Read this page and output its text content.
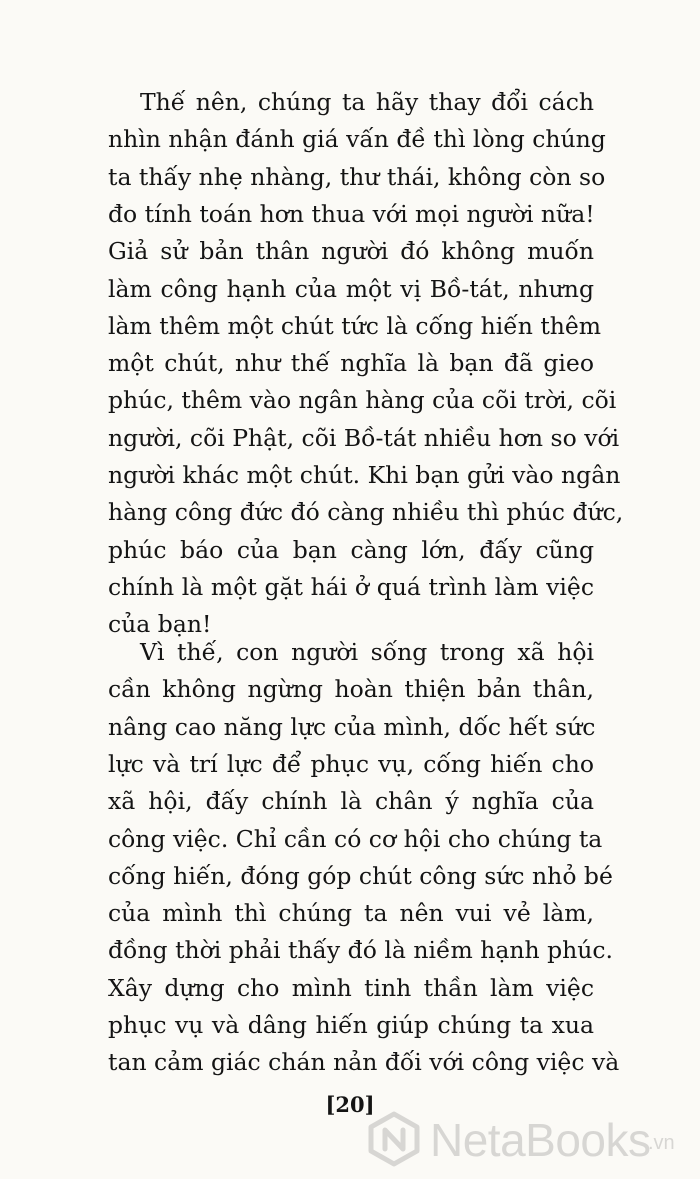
Thế nên, chúng ta hãy thay đổi cách
nhìn nhận đánh giá vấn đề thì lòng chúng
ta thấy nhẹ nhàng, thư thái, không còn so
đo tính toán hơn thua với mọi người nữa!
Giả sử bản thân người đó không muốn
làm công hạnh của một vị Bồ-tát, nhưng
làm thêm một chút tức là cống hiến thêm
một chút, như thế nghĩa là bạn đã gieo
phúc, thêm vào ngân hàng của cõi trời, cõi
người, cõi Phật, cõi Bồ-tát nhiều hơn so với
người khác một chút. Khi bạn gửi vào ngân
hàng công đức đó càng nhiều thì phúc đức,
phúc báo của bạn càng lớn, đấy cũng
chính là một gặt hái ở quá trình làm việc
của bạn!
Vì thế, con người sống trong xã hội
cần không ngừng hoàn thiện bản thân,
nâng cao năng lực của mình, dốc hết sức
lực và trí lực để phục vụ, cống hiến cho
xã hội, đấy chính là chân ý nghĩa của
công việc. Chỉ cần có cơ hội cho chúng ta
cống hiến, đóng góp chút công sức nhỏ bé
của mình thì chúng ta nên vui vẻ làm,
đồng thời phải thấy đó là niềm hạnh phúc.
Xây dựng cho mình tinh thần làm việc
phục vụ và dâng hiến giúp chúng ta xua
tan cảm giác chán nản đối với công việc và
[20]
NetaBooks
.vn
